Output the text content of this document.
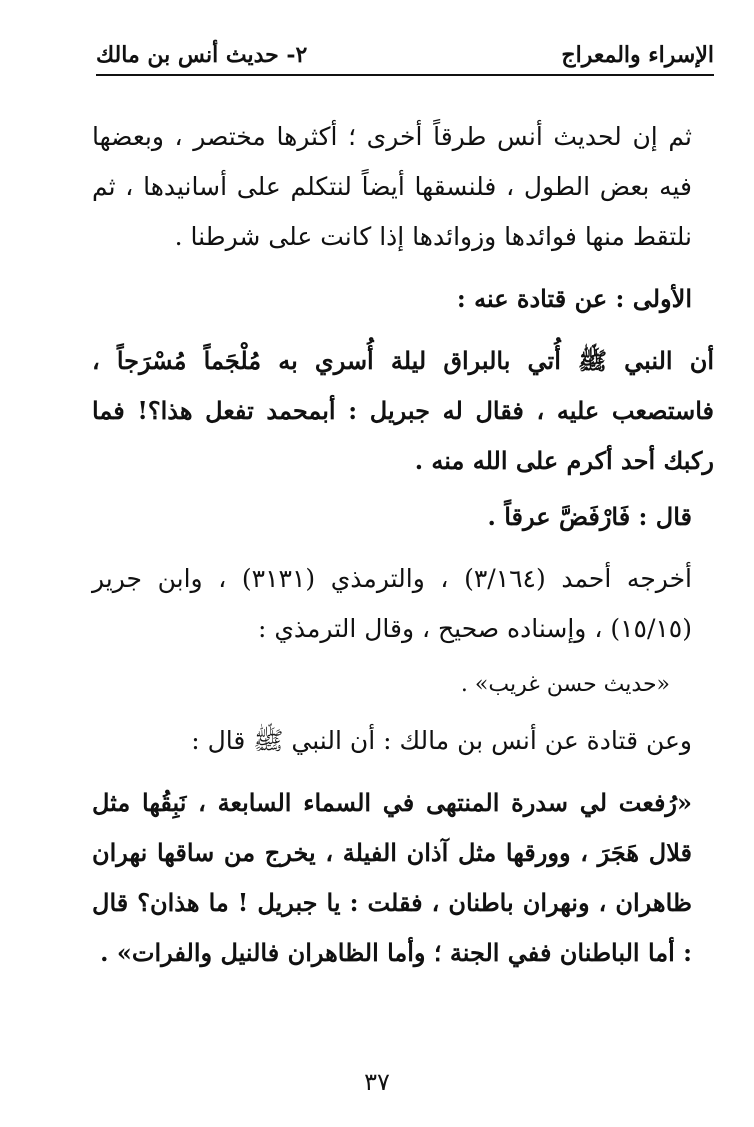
الإسراء والمعراج
٢- حديث أنس بن مالك

ثم إن لحديث أنس طرقاً أخرى ؛ أكثرها مختصر ، وبعضها فيه بعض الطول ، فلنسقها أيضاً لنتكلم على أسانيدها ، ثم نلتقط منها فوائدها وزوائدها إذا كانت على شرطنا .

الأولى : عن قتادة عنه :

أن النبي ﷺ أُتي بالبراق ليلة أُسري به مُلْجَماً مُسْرَجاً ، فاستصعب عليه ، فقال له جبريل : أبمحمد تفعل هذا؟! فما ركبك أحد أكرم على الله منه .

قال : فَارْفَضَّ عرقاً .

أخرجه أحمد (٣/١٦٤) ، والترمذي (٣١٣١) ، وابن جرير (١٥/١٥) ، وإسناده صحيح ، وقال الترمذي :

«حديث حسن غريب» .

وعن قتادة عن أنس بن مالك : أن النبي ﷺ قال :

«رُفعت لي سدرة المنتهى في السماء السابعة ، نَبِقُها مثل قلال هَجَرَ ، وورقها مثل آذان الفيلة ، يخرج من ساقها نهران ظاهران ، ونهران باطنان ، فقلت : يا جبريل ! ما هذان؟ قال : أما الباطنان ففي الجنة ؛ وأما الظاهران فالنيل والفرات» .

٣٧
